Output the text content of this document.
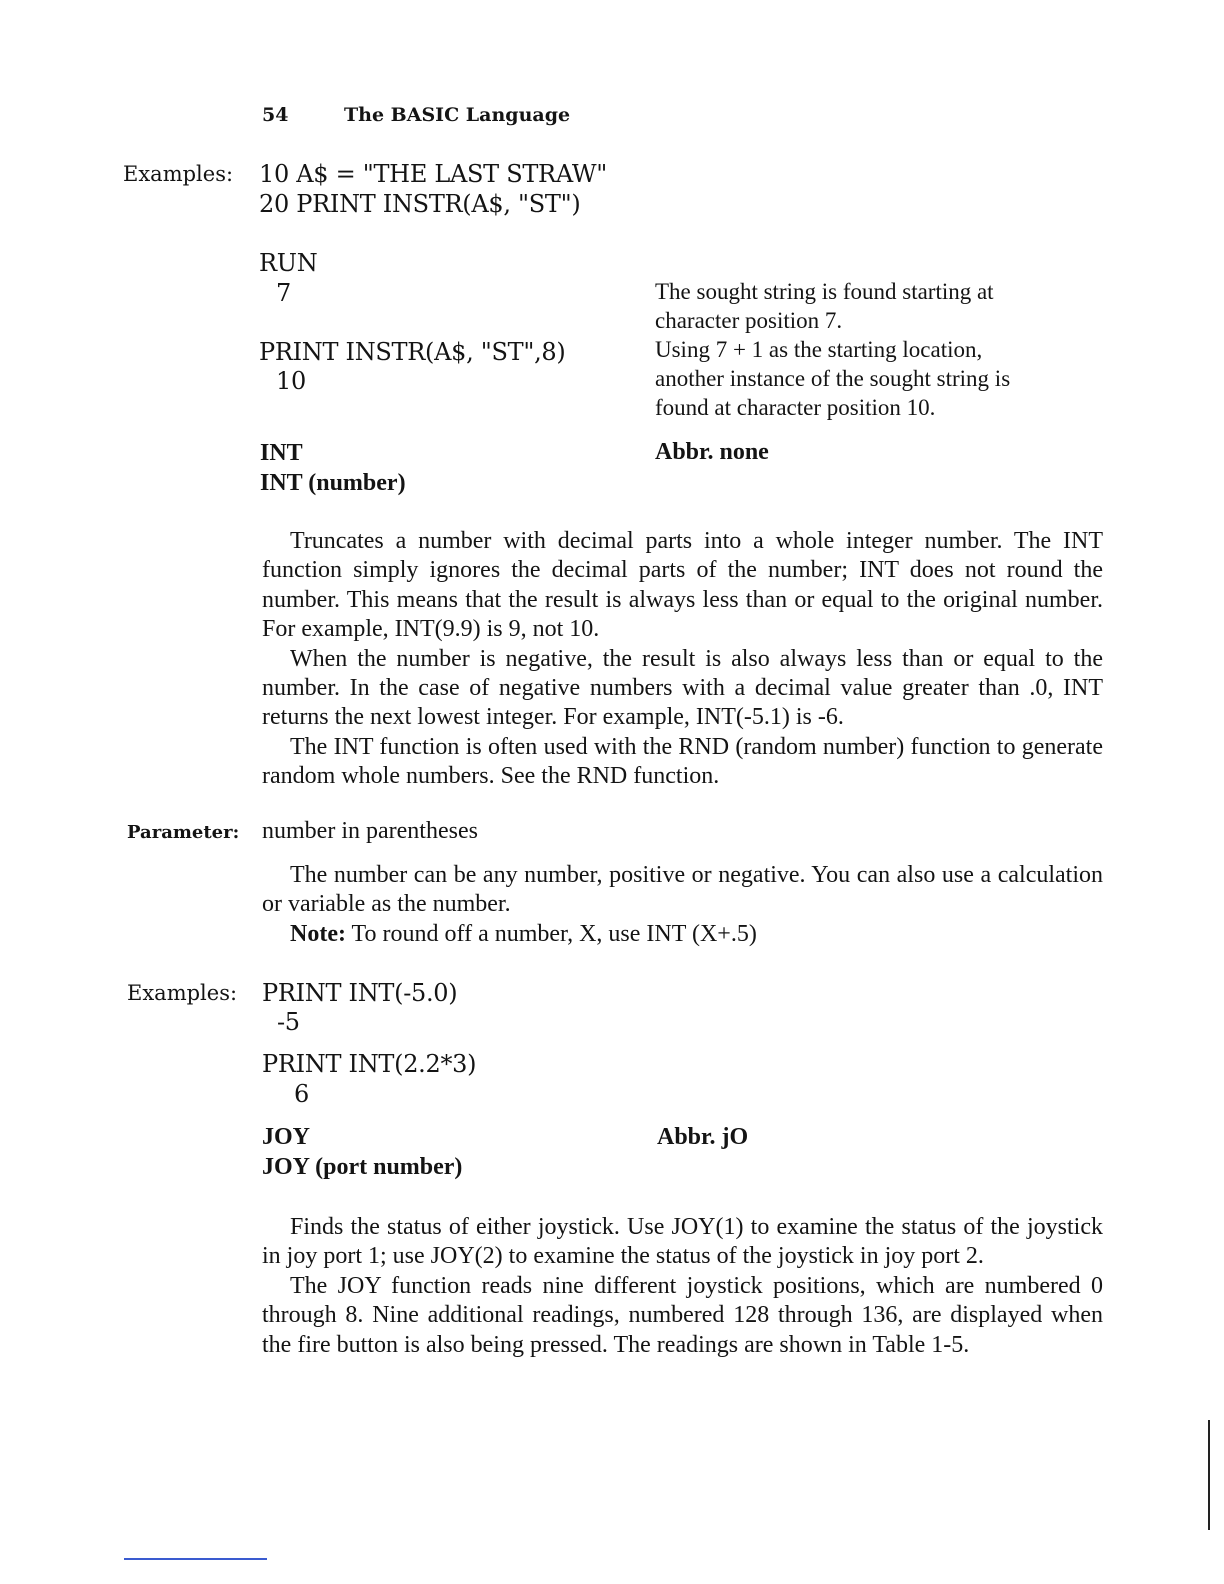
54	The BASIC Language
Examples: 10 A$ = "THE LAST STRAW"
20 PRINT INSTR(A$, "ST")
RUN
7
PRINT INSTR(A$, "ST",8)
10
The sought string is found starting at
character position 7.
Using 7 + 1 as the starting location,
another instance of the sought string is
found at character position 10.
INT
INT (number)
Abbr. none

Truncates a number with decimal parts into a whole integer number. The INT function simply ignores the decimal parts of the number; INT does not round the number. This means that the result is always less than or equal to the original number. For example, INT(9.9) is 9, not 10.

When the number is negative, the result is also always less than or equal to the number. In the case of negative numbers with a decimal value greater than .0, INT returns the next lowest integer. For example, INT(-5.1) is -6.

The INT function is often used with the RND (random number) function to generate random whole numbers. See the RND function.

Parameter: number in parentheses

The number can be any number, positive or negative. You can also use a calculation or variable as the number.

Note: To round off a number, X, use INT (X+.5)

Examples: PRINT INT(-5.0)
-5
PRINT INT(2.2*3)
6
JOY
JOY (port number)
Abbr. jO

Finds the status of either joystick. Use JOY(1) to examine the status of the joystick in joy port 1; use JOY(2) to examine the status of the joystick in joy port 2.

The JOY function reads nine different joystick positions, which are numbered 0 through 8. Nine additional readings, numbered 128 through 136, are displayed when the fire button is also being pressed. The readings are shown in Table 1-5.
